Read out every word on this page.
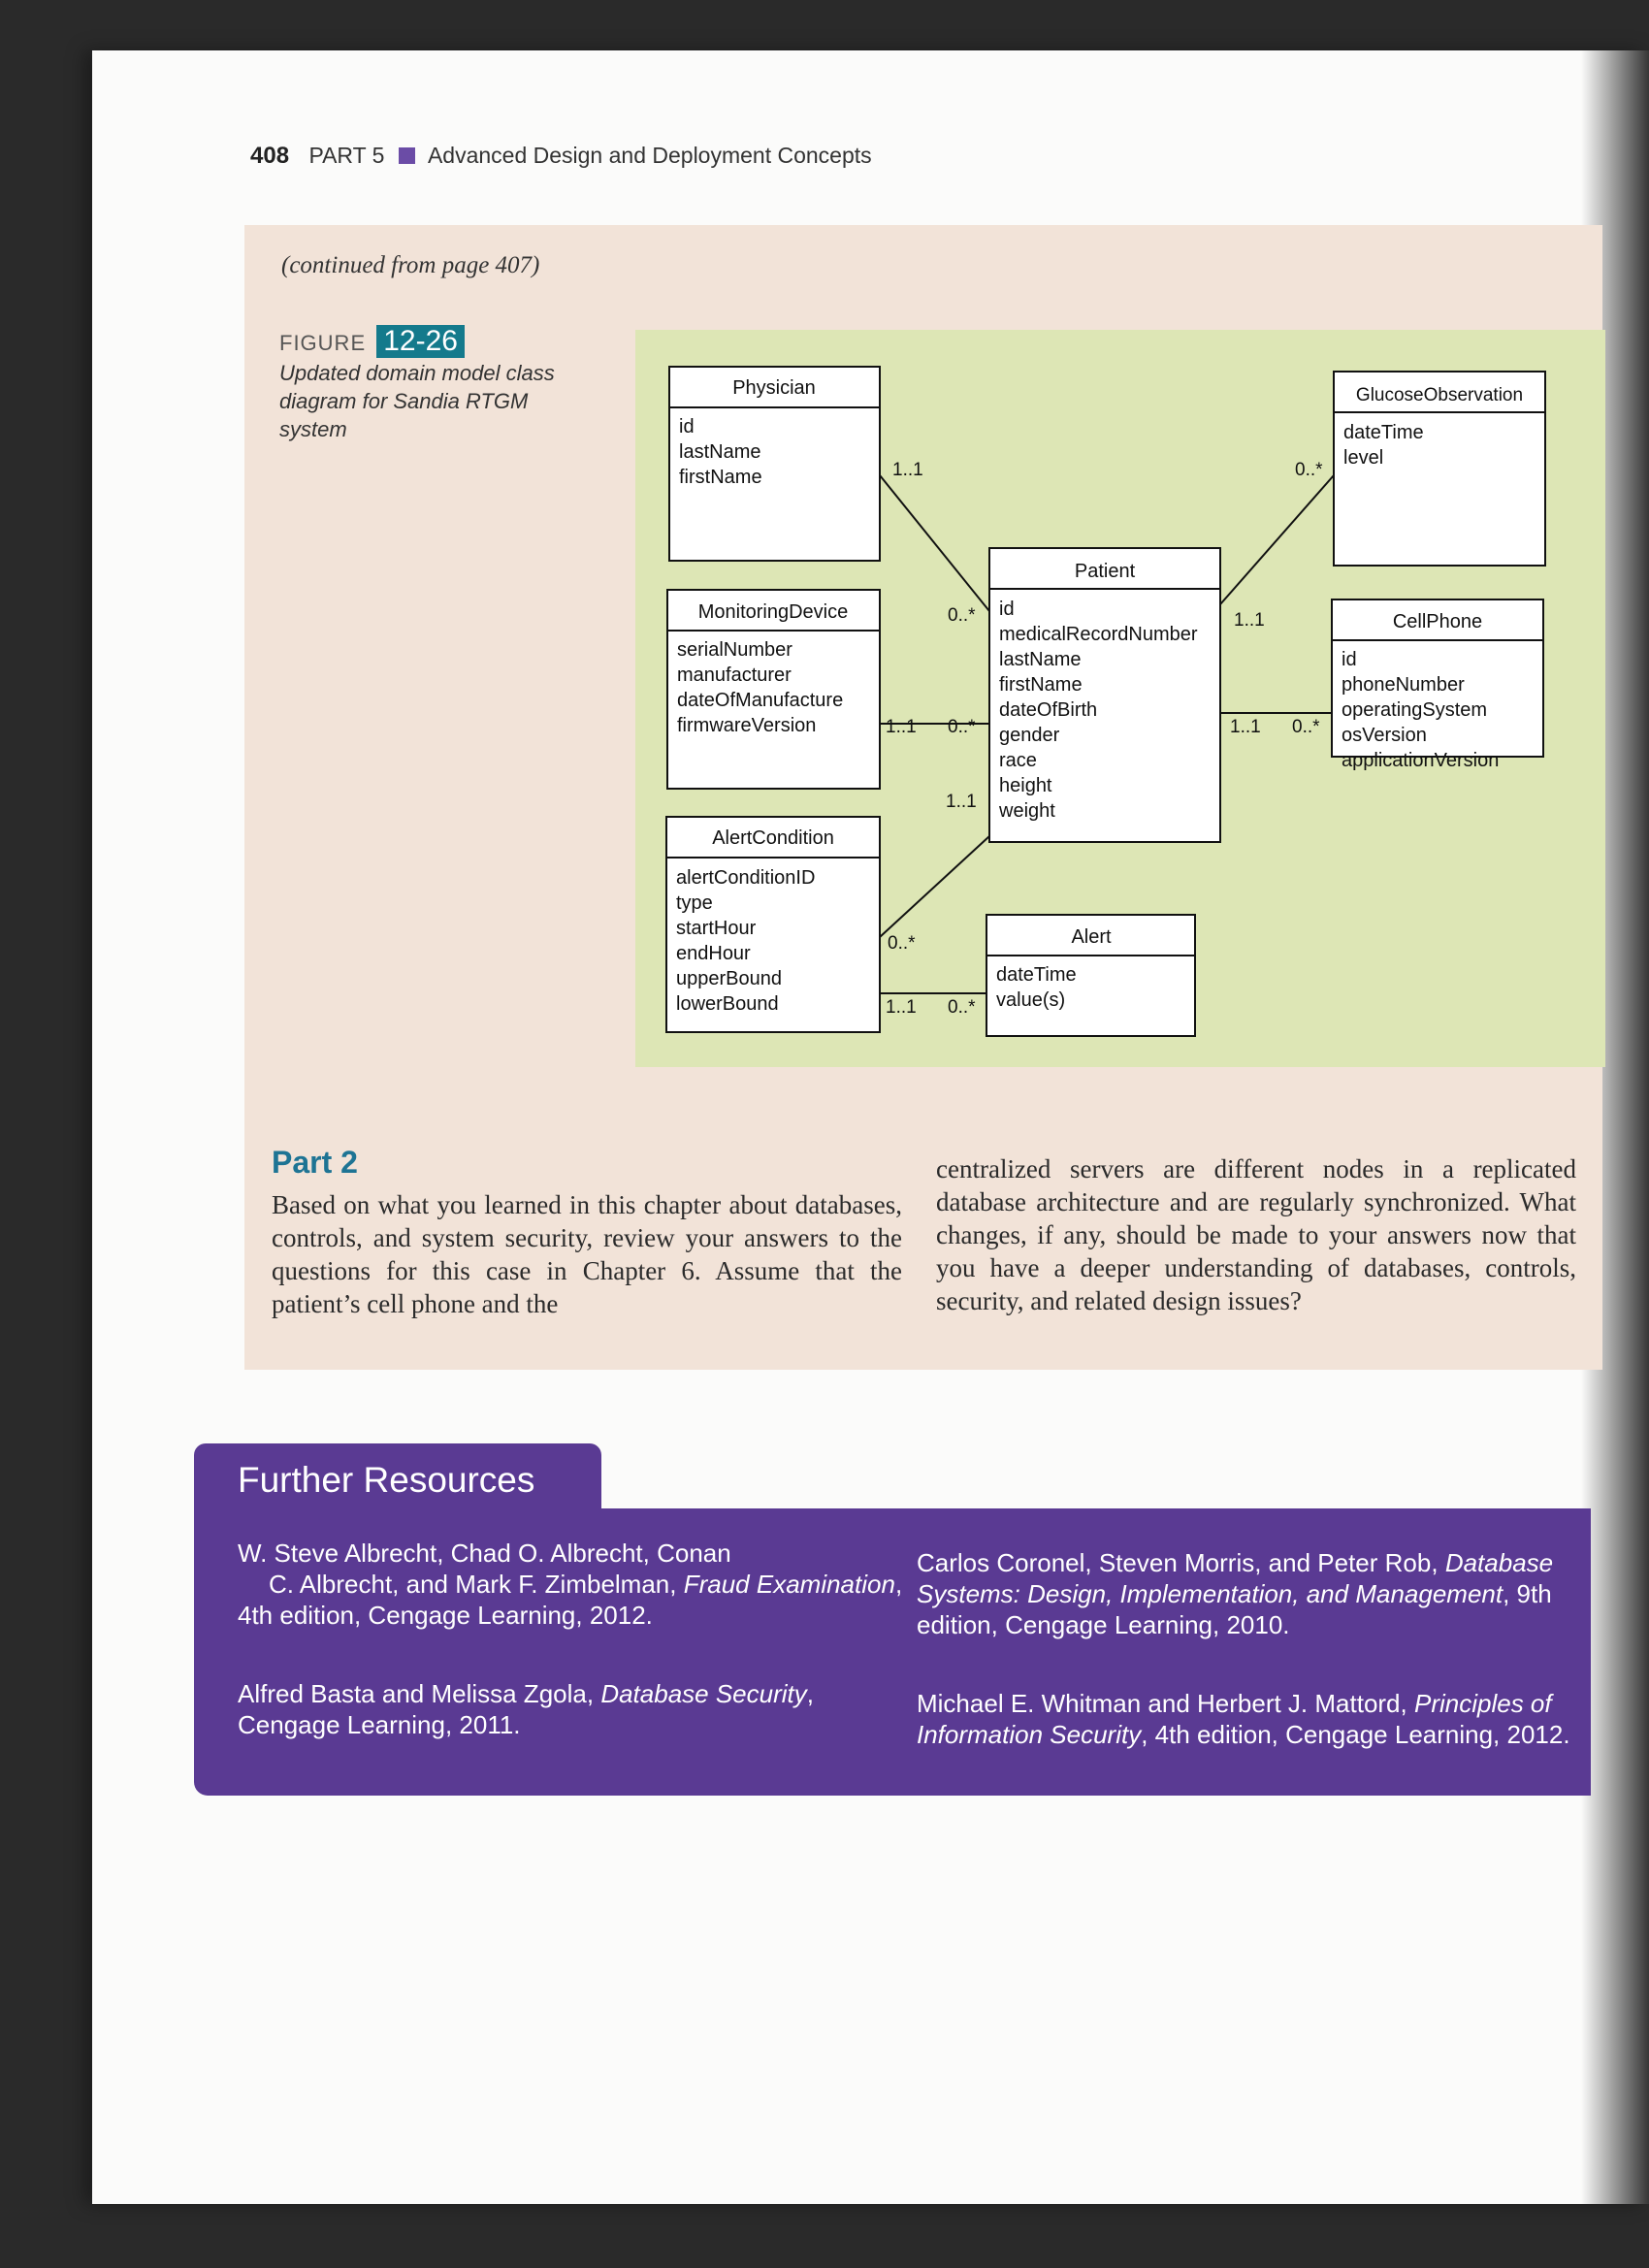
408 PART 5 Advanced Design and Deployment Concepts
(continued from page 407)
FIGURE 12-26
Updated domain model class diagram for Sandia RTGM system
Physician
id
lastName
firstName
MonitoringDevice
serialNumber
manufacturer
dateOfManufacture
firmwareVersion
AlertCondition
alertConditionID
type
startHour
endHour
upperBound
lowerBound
Patient
id
medicalRecordNumber
lastName
firstName
dateOfBirth
gender
race
height
weight
Alert
dateTime
value(s)
GlucoseObservation
dateTime
level
CellPhone
id
phoneNumber
operatingSystem
osVersion
applicationVersion
1..1
0..*
1..1 0..*
1..1
0..*
1..1 0..*
1..1
0..*
1..1 0..*
Part 2
Based on what you learned in this chapter about databases, controls, and system security, review your answers to the questions for this case in Chapter 6. Assume that the patient’s cell phone and the
centralized servers are different nodes in a replicated database architecture and are regularly synchronized. What changes, if any, should be made to your answers now that you have a deeper understanding of databases, controls, security, and related design issues?
Further Resources
W. Steve Albrecht, Chad O. Albrecht, Conan
C. Albrecht, and Mark F. Zimbelman, Fraud Examination, 4th edition, Cengage Learning, 2012.
Alfred Basta and Melissa Zgola, Database Security, Cengage Learning, 2011.
Carlos Coronel, Steven Morris, and Peter Rob, Database Systems: Design, Implementation, and Management, 9th edition, Cengage Learning, 2010.
Michael E. Whitman and Herbert J. Mattord, Principles of Information Security, 4th edition, Cengage Learning, 2012.
